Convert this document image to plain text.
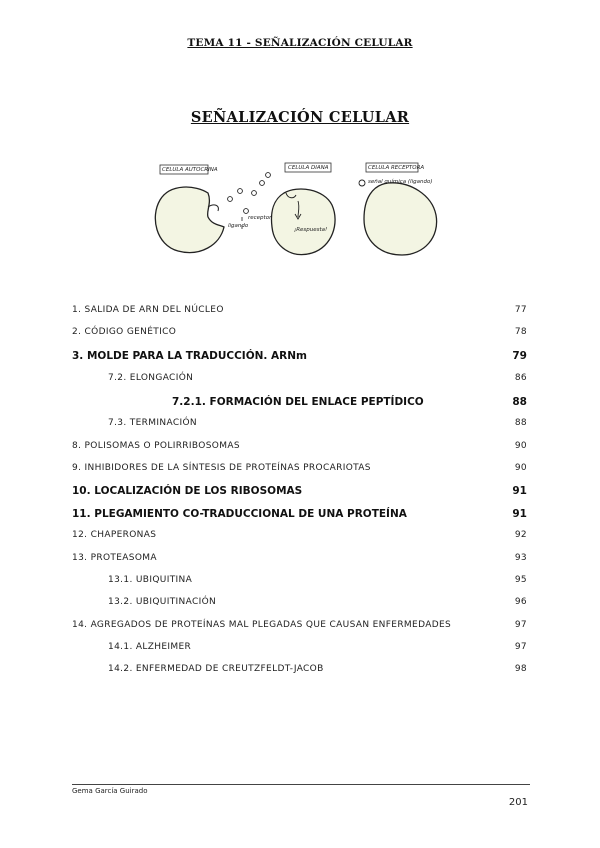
TEMA 11 - SEÑALIZACIÓN CELULAR
SEÑALIZACIÓN CELULAR
CELULA AUTOCRINA	CELULA DIANA	CELULA RECEPTORA
ligando
receptor
¡Respuesta!
señal química (ligando)
1. SALIDA DE ARN DEL NÚCLEO	77
2. CÓDIGO GENÉTICO	78
3. MOLDE PARA LA TRADUCCIÓN. ARNm	79
7.2. ELONGACIÓN	86
7.2.1. FORMACIÓN DEL ENLACE PEPTÍDICO	88
7.3. TERMINACIÓN	88
8. POLISOMAS O POLIRRIBOSOMAS	90
9. INHIBIDORES DE LA SÍNTESIS DE PROTEÍNAS PROCARIOTAS	90
10. LOCALIZACIÓN DE LOS RIBOSOMAS	91
11. PLEGAMIENTO CO-TRADUCCIONAL DE UNA PROTEÍNA	91
12. CHAPERONAS	92
13. PROTEASOMA	93
13.1. UBIQUITINA	95
13.2. UBIQUITINACIÓN	96
14. AGREGADOS DE PROTEÍNAS MAL PLEGADAS QUE CAUSAN ENFERMEDADES	97
14.1. ALZHEIMER	97
14.2. ENFERMEDAD DE CREUTZFELDT-JACOB	98
Gema García Guirado
201
